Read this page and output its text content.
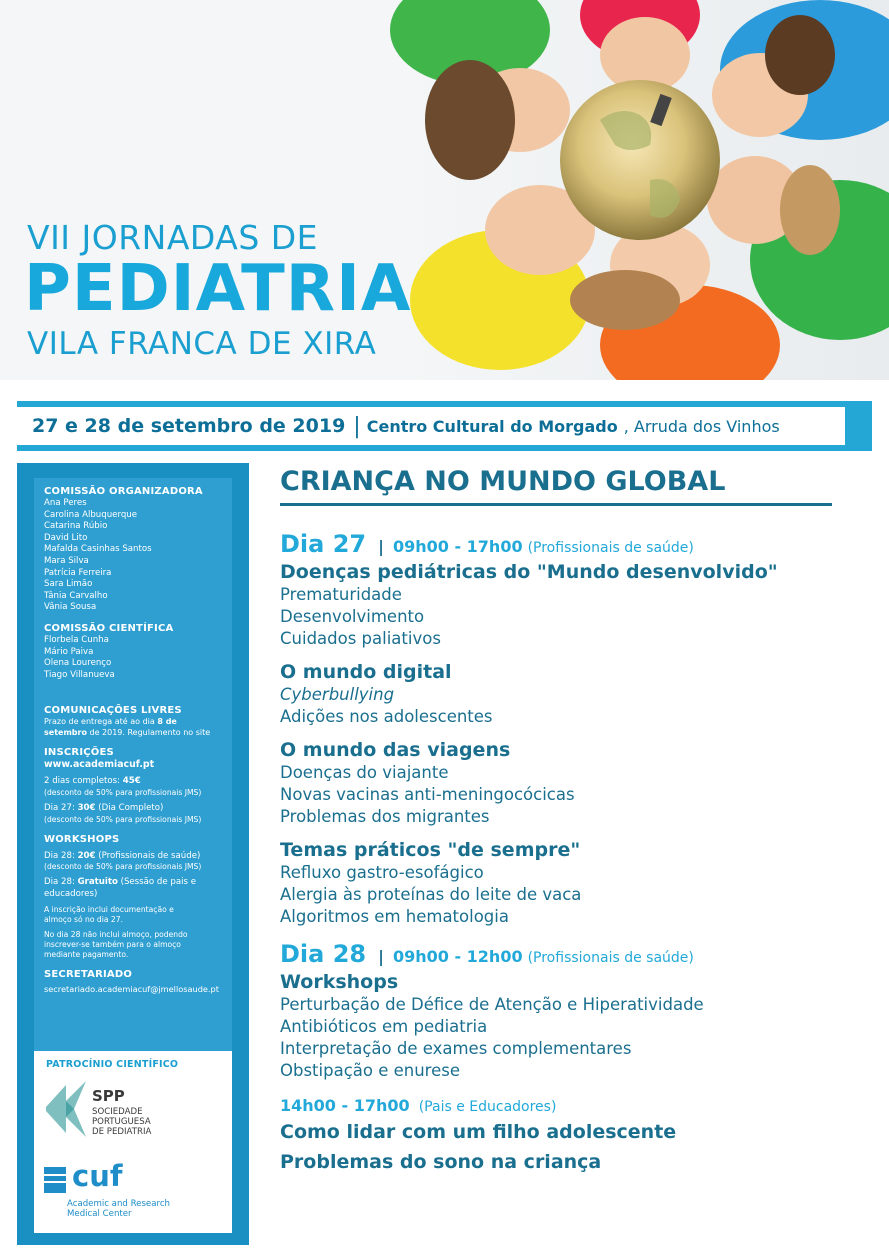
VII JORNADAS DE
PEDIATRIA
VILA FRANCA DE XIRA
27 e 28 de setembro de 2019 | Centro Cultural do Morgado , Arruda dos Vinhos
COMISSÃO ORGANIZADORA
Ana Peres
Carolina Albuquerque
Catarina Rúbio
David Lito
Mafalda Casinhas Santos
Mara Silva
Patrícia Ferreira
Sara Limão
Tânia Carvalho
Vânia Sousa
COMISSÃO CIENTÍFICA
Florbela Cunha
Mário Paiva
Olena Lourenço
Tiago Villanueva
COMUNICAÇÕES LIVRES
Prazo de entrega até ao dia 8 de
setembro de 2019. Regulamento no site
INSCRIÇÕES
www.academiacuf.pt
2 dias completos: 45€
(desconto de 50% para profissionais JMS)
Dia 27: 30€ (Dia Completo)
(desconto de 50% para profissionais JMS)
WORKSHOPS
Dia 28: 20€ (Profissionais de saúde)
(desconto de 50% para profissionais JMS)
Dia 28: Gratuito (Sessão de pais e
educadores)
A inscrição inclui documentação e
almoço só no dia 27.
No dia 28 não inclui almoço, podendo
inscrever-se também para o almoço
mediante pagamento.
SECRETARIADO
secretariado.academiacuf@jmellosaude.pt
PATROCÍNIO CIENTÍFICO
SPP
SOCIEDADE
PORTUGUESA
DE PEDIATRIA
cuf
Academic and Research
Medical Center
CRIANÇA NO MUNDO GLOBAL
Dia 27 | 09h00 - 17h00 (Profissionais de saúde)
Doenças pediátricas do "Mundo desenvolvido"
Prematuridade
Desenvolvimento
Cuidados paliativos
O mundo digital
Cyberbullying
Adições nos adolescentes
O mundo das viagens
Doenças do viajante
Novas vacinas anti-meningocócicas
Problemas dos migrantes
Temas práticos "de sempre"
Refluxo gastro-esofágico
Alergia às proteínas do leite de vaca
Algoritmos em hematologia
Dia 28 | 09h00 - 12h00 (Profissionais de saúde)
Workshops
Perturbação de Défice de Atenção e Hiperatividade
Antibióticos em pediatria
Interpretação de exames complementares
Obstipação e enurese
14h00 - 17h00 (Pais e Educadores)
Como lidar com um filho adolescente
Problemas do sono na criança
